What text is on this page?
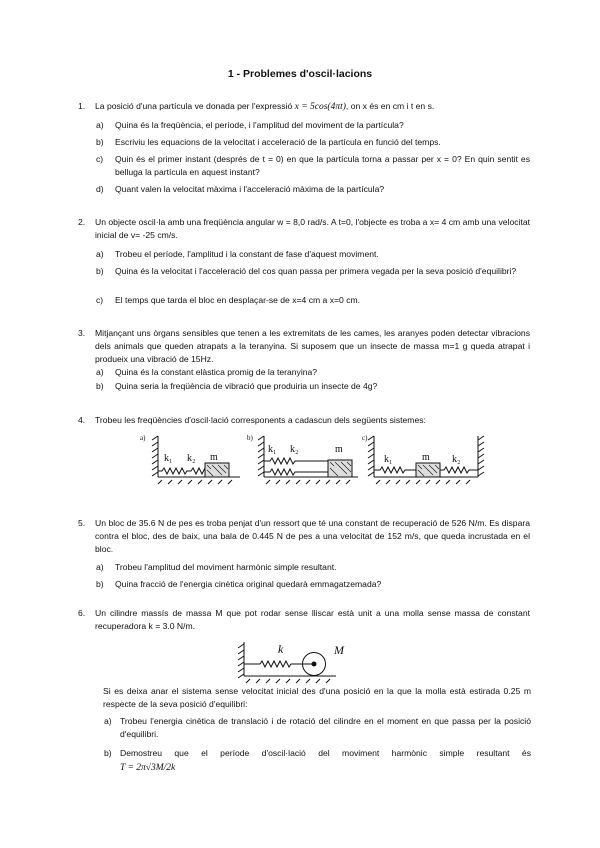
1 - Problemes d'oscil·lacions
1. La posició d'una partícula ve donada per l'expressió x = 5cos(4πt), on x és en cm i t en s.
a) Quina és la freqüència, el període, i l'amplitud del moviment de la partícula?
b) Escriviu les equacions de la velocitat i acceleració de la partícula en funció del temps.
c) Quin és el primer instant (després de t = 0) en que la partícula torna a passar per x = 0? En quin sentit es belluga la partícula en aquest instant?
d) Quant valen la velocitat màxima i l'acceleració màxima de la partícula?
2. Un objecte oscil·la amb una freqüència angular w = 8,0 rad/s. A t=0, l'objecte es troba a x= 4 cm amb una velocitat inicial de v= -25 cm/s.
a) Trobeu el període, l'amplitud i la constant de fase d'aquest moviment.
b) Quina és la velocitat i l'acceleració del cos quan passa per primera vegada per la seva posició d'equilibri?
c) El temps que tarda el bloc en desplaçar-se de x=4 cm a x=0 cm.
3. Mitjançant uns òrgans sensibles que tenen a les extremitats de les cames, les aranyes poden detectar vibracions dels animals que queden atrapats a la teranyina. Si suposem que un insecte de massa m=1 g queda atrapat i produeix una vibració de 15Hz.
a) Quina és la constant elàstica promig de la teranyina?
b) Quina seria la freqüència de vibració que produiria un insecte de 4g?
4. Trobeu les freqüències d'oscil·lació corresponents a cadascun dels següents sistemes:
a)
k₁ k₂ m
b)
k₁ k₂	m
c)
k₁	m k₂
5. Un bloc de 35.6 N de pes es troba penjat d'un ressort que té una constant de recuperació de 526 N/m. Es dispara contra el bloc, des de baix, una bala de 0.445 N de pes a una velocitat de 152 m/s, que queda incrustada en el bloc.
a) Trobeu l'amplitud del moviment harmònic simple resultant.
b) Quina fracció de l'energia cinètica original quedarà emmagatzemada?
6. Un cilindre massís de massa M que pot rodar sense lliscar està unit a una molla sense massa de constant recuperadora k = 3.0 N/m.
k	M
Si es deixa anar el sistema sense velocitat inicial des d'una posició en la que la molla està estirada 0.25 m respecte de la seva posició d'equilibri:
a) Trobeu l'energia cinètica de translació i de rotació del cilindre en el moment en que passa per la posició d'equilibri.
b) Demostreu que el període d'oscil·lació del moviment harmònic simple resultant és
T = 2π√3M/2k
